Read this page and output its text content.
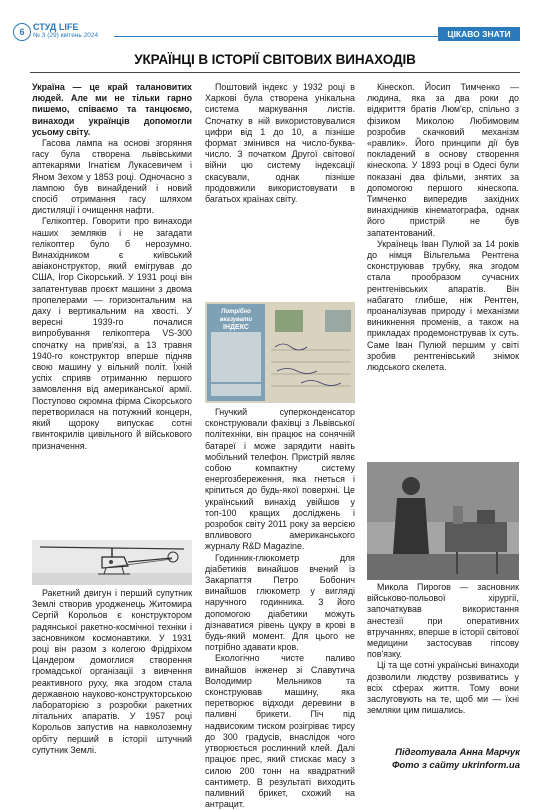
6 СТУД LIFE
№ 3 (29) квітень 2024	ЦІКАВО ЗНАТИ
УКРАЇНЦІ В ІСТОРІЇ СВІТОВИХ ВИНАХОДІВ

Україна — це край талановитих людей. Але ми не тільки гарно пишемо, співаємо та танцюємо, винаходи українців допомогли усьому світу.

Гасова лампа на основі згоряння гасу була створена львівськими аптекарями Ігнатієм Лукасевичем і Яном Зехом у 1853 році. Одночасно з лампою був винайдений і новий спосіб отримання гасу шляхом дистиляції і очищення нафти.

Гелікоптер. Говорити про винаходи наших земляків і не загадати гелікоптер було б нерозумно. Винахідником є київський авіаконструктор, який емігрував до США, Ігор Сікорський. У 1931 році він запатентував проєкт машини з двома пропелерами — горизонтальним на даху і вертикальним на хвості. У вересні 1939-го почалися випробування гелікоптера VS-300 спочатку на прив'язі, а 13 травня 1940-го конструктор вперше підняв свою машину у вільний політ. Їхній успіх сприяв отриманню першого замовлення від американської армії. Поступово скромна фірма Сікорського перетворилася на потужний концерн, який щороку випускає сотні гвинтокрилів цивільного й військового призначення.

Ракетний двигун і перший супутник Землі створив уродженець Житомира Сергій Корольов є конструктором радянської ракетно-космічної техніки і засновником космонавтики. У 1931 році він разом з колегою Фрідріхом Цандером домоглися створення громадської організації з вивчення реактивного руху, яка згодом стала державною науково-конструкторською лабораторією з розробки ракетних літальних апаратів. У 1957 році Корольов запустив на навколоземну орбіту перший в історії штучний супутник Землі.

Поштовий індекс у 1932 році в Харкові була створена унікальна система маркування листів. Спочатку в ній використовувалися цифри від 1 до 10, а пізніше формат змінився на число-буква-число. З початком Другої світової війни цю систему індексації скасували, однак пізніше продовжили використовувати в багатьох країнах світу.

Потрібно вказувати
ІНДЕКС

Гнучкий суперконденсатор сконструювали фахівці з Львівської політехніки, він працює на сонячній батареї і може зарядити навіть мобільний телефон. Пристрій являє собою компактну систему енергозбереження, яка гнеться і кріпиться до будь-якої поверхні. Це український винахід увійшов у топ-100 кращих досліджень і розробок світу 2011 року за версією впливового американського журналу R&D Magazine.

Годинник-глюкометр для діабетиків винайшов вчений із Закарпаття Петро Бобонич винайшов глюкометр у вигляді наручного годинника. З його допомогою діабетики можуть дізнаватися рівень цукру в крові в будь-який момент. Для цього не потрібно здавати кров.

Екологічно чисте паливо винайшов інженер зі Славутича Володимир Мельников та сконструював машину, яка перетворює відходи деревини в паливні брикети. Піч під надвисоким тиском розігріває тирсу до 300 градусів, внаслідок чого утворюється рослинний клей. Далі працює прес, який стискає масу з силою 200 тонн на квадратний сантиметр. В результаті виходить паливний брикет, схожий на антрацит.

Кінескоп. Йосип Тимченко — людина, яка за два роки до відкриття братів Люм'єр, спільно з фізиком Миколою Любимовим розробив скачковий механізм «равлик». Його принципи дії був покладений в основу створення кінескопа. У 1893 році в Одесі були показані два фільми, знятих за допомогою першого кінескопа. Тимченко випередив західних винахідників кінематографа, однак його пристрій не був запатентований.

Українець Іван Пулюй за 14 років до німця Вільгельма Рентгена сконструював трубку, яка згодом стала прообразом сучасних рентгенівських апаратів. Він набагато глибше, ніж Рентген, проаналізував природу і механізми виникнення променів, а також на прикладах продемонстрував їх суть. Саме Іван Пулюй першим у світі зробив рентгенівський знімок людського скелета.

Микола Пирогов — засновник військово-польової хірургії, започаткував використання анестезії при оперативних втручаннях, вперше в історії світової медицини застосував гіпсову пов'язку.

Ці та ще сотні українські винаходи дозволили людству розвиватись у всіх сферах життя. Тому вони заслуговують на те, щоб ми — їхні земляки цим пишались.

Підготувала Анна Марчук
Фото з сайту ukrinform.ua
